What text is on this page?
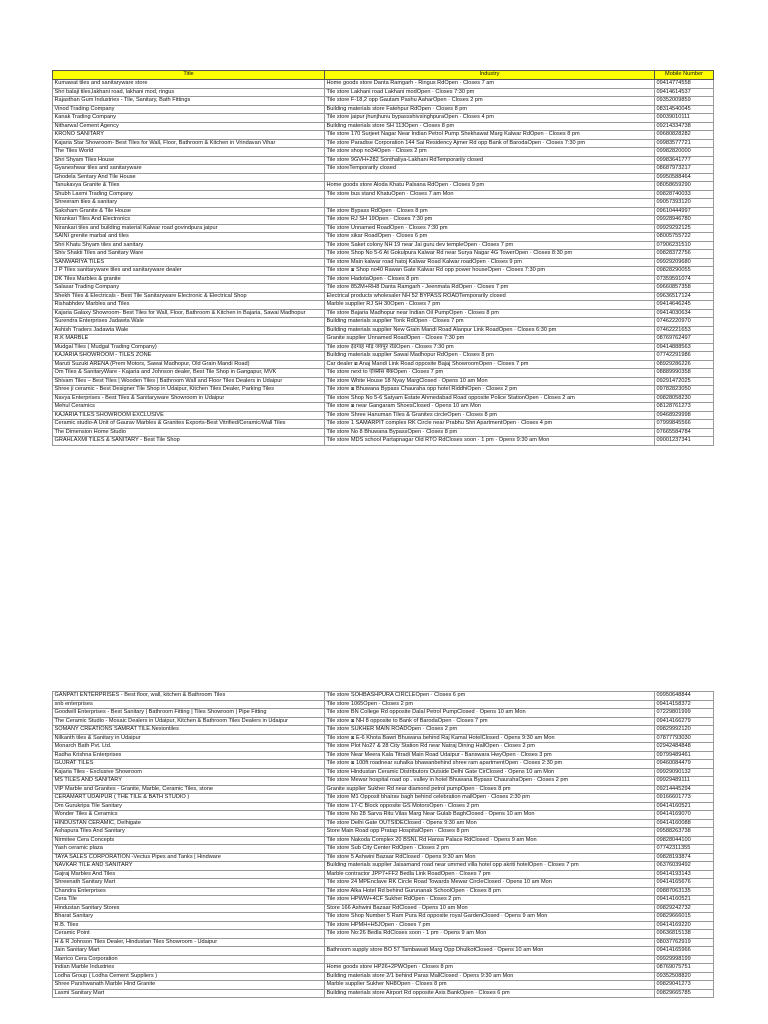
Title	Industry	Mobile Number
Kumawat tiles and sanitaryware store	Home goods store Danta Ramgarh - Ringus RdOpen · Closes 7 am	09414774558
Shri balaji tiles,lakhani road, lakhani mod, ringus	Tile store Lakhani road Lakhani modOpen · Closes 7:30 pm	09414614537
Rajasthan Gum Industries - Tile, Sanitary, Bath Fittings	Tile store F-18,2 opp Gautam Pashu AaharOpen · Closes 2 pm	09352009859
Vinod Trading Company	Building materials store Fatehpur RdOpen · Closes 8 pm	08314540045
Kanak Trading Company	Tile store jaipur jhunjhunu bypassshivsinghpuraOpen · Closes 4 pm	09039010111
Nitharwal Cement Agency	Building materials store SH 113Open · Closes 8 pm	09214334738
KRONO SANITARY	Tile store 170 Surjeet Nagar Near Indian Petrol Pump Shekhawat Marg Kalwar RdOpen · Closes 8 pm	09680828282
Kajaria Star Showroom- Best Tiles for Wall, Floor, Bathroom & Kitchen in Vrindavan Vihar	Tile store Paradise Corporation 144 Sai Residency Ajmer Rd opp Bank of BarodaOpen · Closes 7:30 pm	09983577721
The Tiles World	Tile store shop no34Open · Closes 2 pm	09982820000
Shri Shyam Tiles House	Tile store 9GVH+282 Sonthaliya-Lakhani RdTemporarily closed	09983641777
Gyaneshwar tiles and sanitaryware	Tile storeTemporarily closed	08687973217
Ghodela Sentary And Tile House		09950588464
Tanukavya Granite & Tiles	Home goods store Aloda Khatu Palsana RdOpen · Closes 9 pm	08058659290
Shubh Laxmi Trading Company	Tile store bus stand KhatuOpen · Closes 7 am Mon	09828740033
Shreeram tiles & sanitary		09057393120
Saksham Granite & Tile House	Tile store Bypass RdOpen · Closes 8 pm	09610444997
Nirankari Tiles And Electronics	Tile store RJ SH 19Open · Closes 7:30 pm	09928946780
Nirankari tiles and building material Kalwar road govindpura jaipur	Tile store Unnamed RoadOpen · Closes 7:30 pm	09929292125
SAINI grenite marbal and tiles	Tile store sikar RoadOpen · Closes 6 pm	08005755722
Shri Khatu Shyam tiles and sanitary	Tile store Saket colony NH 19 near Jai guru dev templeOpen · Closes 7 pm	07906231510
Shiv Shakti Tiles and Sanitary Ware	Tile store Shop No 5-6 At Gokulpura Kalwar Rd near Surya Nagar 4G TowerOpen · Closes 8:30 pm	09828372756
SANWARIYA TILES	Tile store Main kalwar road hatoj Kalwar Road Kalwar roadOpen · Closes 9 pm	09929209680
J P Tiles sanitaryware tiles and sanitaryware dealer	Tile store ⧆ Shop no40 Rawan Gate Kalwar Rd opp power houseOpen · Closes 7:30 pm	09828290055
DK Tiles Marbles & granite	Tile store HadotaOpen · Closes 8 pm	07359591074
Salasar Trading Company	Tile store 852M+RH8 Danta Ramgarh - Jeenmata RdOpen · Closes 7 pm	09660857358
Shekh Tiles & Electricals - Best Tile Sanitaryware Electronic & Electrical Shop	Electrical products wholesaler NH 52 BYPASS ROADTemporarily closed	09636517124
Rishabhdev Marbles and Tiles	Marble supplier RJ SH 30Open · Closes 7 pm	09414646245
Kajaria Galaxy Showroom- Best Tiles for Wall, Floor, Bathroom & Kitchen in Bajaria, Sawai Madhopur	Tile store Bajaria Madhopur near Indian Oil PumpOpen · Closes 8 pm	09414030634
Surendra Enterprises Jadawta Wale	Building materials supplier Tonk RdOpen · Closes 7 pm	07462220970
Ashish Traders Jadawta Wale	Building materials supplier New Grain Mandi Road Alanpur Link RoadOpen · Closes 6:30 pm	07462221653
R.K MARBLE	Granite supplier Unnamed RoadOpen · Closes 7:30 pm	08769762497
Mudgal Tiles ( Mudgal Trading Company)	Tile store ईदगाह मोड़ जयपुर रोडOpen · Closes 7:30 pm	09414888563
KAJARIA SHOWROOM - TILES ZONE	Building materials supplier Sawai Madhopur RdOpen · Closes 8 pm	07742291986
Maruti Suzuki ARENA (Prem Motors, Sawai Madhopur, Old Grain Mandi Road)	Car dealer ⧆ Anaj Mandi Link Road opposite Bajaj ShowroomOpen · Closes 7 pm	08929286226
Om Tiles & SanitaryWare - Kajaria and Johnson dealer, Best Tile Shop in Gangapur, MVK	Tile store next to एक्सिस बैंकOpen · Closes 7 pm	08889990358
Shivam Tiles – Best Tiles | Wooden Tiles | Bathroom Wall and Floor Tiles Dealers in Udaipur	Tile store White House 18 Nyay MargClosed · Opens 10 am Mon	09291472025
Shree ji ceramic - Best Designer Tile Shop in Udaipur, Kitchen Tiles Dealer, Parking Tiles	Tile store ⧆ Bhuwana Bypass Chauraha opp hotel RiddhiOpen · Closes 2 pm	09782823050
Navya Enterprises - Best Tiles & Sanitaryware Showroom in Udaipur	Tile store Shop No 5-6 Satyam Estate Ahmedabad Road opposite Police StationOpen · Closes 2 am	09828058230
Mehul Ceramics	Tile store ⧆ near Gangaram ShoesClosed · Opens 10 am Mon	08128761273
KAJARIA TILES SHOWROOM EXCLUSIVE	Tile store Shree Hanuman Tiles & Granites circleOpen · Closes 8 pm	09468929998
Ceramic studio-A Unit of Gaurav Marbles & Granites Exports-Best Vitrified/Ceramic/Wall Tiles	Tile store 1 SAMARPIT complex RK Circle near Prabhu Shri ApartmentOpen · Closes 4 pm	07999845566
The Dimension Home Studio	Tile store No 8 Bhuwana BypassOpen · Closes 8 pm	07665584784
GRAHLAXMI TILES & SANITARY - Best Tile Shop	Tile store MDS school Partapnagar Old RTO RdCloses soon · 1 pm · Opens 9:30 am Mon	09001237341
GANPATI ENTERPRISES - Best floor, wall, kitchen & Bathroom Tiles	Tile store SOHBASHPURA CIRCLEOpen · Closes 6 pm	09950648844
snb enterprises	Tile store 1065Open · Closes 2 pm	09414158372
Goodwill Enterprises - Best Sanitary | Bathroom Fitting | Tiles Showroom | Pipe Fitting	Tile store BN College Rd opposite Dalal Petrol PumpClosed · Opens 10 am Mon	07229801999
The Ceramic Studio - Mosaic Dealers in Udaipur, Kitchen & Bathroom Tiles Dealers in Udaipur	Tile store ⧆ NH 8 opposite to Bank of BarodaOpen · Closes 7 pm	09414166279
SOMANY CREATIONS SAMRAT TILE.Nexiontiles	Tile store SUKHER MAIN ROADOpen · Closes 2 pm	09829992120
Nilkanth tiles & Sanitary in Udaipur	Tile store ⧆ E-6 Khota Bawri Bhuwana behind Raj Kamal HotelClosed · Opens 9:30 am Mon	07877793030
Monarch Bath Pvt. Ltd.	Tile store Plot No27 & 28 City Station Rd near Natraj Dining HallOpen · Closes 2 pm	02942484848
Radha Krishna Enterprises	Tile store Near Meera Kala Titradi Main Road Udaipur - Banswara HwyOpen · Closes 3 pm	09799489461
GUJRAT TILES	Tile store ⧆ 100ft roadnear suhalka bhawanbehind shree ram apartmentOpen · Closes 2:30 pm	09460084479
Kajaria Tiles - Exclusive Showroom	Tile store Hindustan Ceramic Distributors Outside Delhi Gate CirClosed · Opens 10 am Mon	09929090132
MS TILES AND SANITARY	Tile store Mewar hospital road op . valley in hotel Bhuwana Bypass ChaurahaOpen · Closes 2 pm	09929489111
VIP Marble and Granites - Granite, Marble, Ceramic Tiles, stone	Granite supplier Sukher Rd near diamond petrol pumpOpen · Closes 8 pm	09214445294
CERAMART UDAIPUR ( THE TILE & BATH STUDIO )	Tile store M1 Opposit bhairav bagh behind celebration mallOpen · Closes 2:30 pm	09166601773
Om Gurukripa Tile Sanitary	Tile store 17-C Block opposite GS MotorsOpen · Closes 2 pm	09414160521
Wonder Tiles & Ceramics	Tile store No 28 Sarva Ritu Vilas Marg Near Gulab BaghClosed · Opens 10 am Mon	09414169070
HINDUSTAN CERAMIC, Delhigate	Tile store Delhi Gate OUTSIDEClosed · Opens 9:30 am Mon	09414160088
Ashapura Tiles And Sanitary	Store Main Road opp Pratap HospitalOpen · Closes 8 pm	09588263738
Nirmitee Cera Concepts	Tile store Nakoda Complex 20 BSNL Rd Hansa Palace RdClosed · Opens 9 am Mon	09828044100
Yash ceramic plaza	Tile store Sub City Center RdOpen · Closes 2 pm	07742311355
TAYA SALES CORPORATION -Vectus Pipes and Tanks | Hindware	Tile store 5 Ashwini Bazaar RdClosed · Opens 9:30 am Mon	09828193874
NAVKAR TILE AND SANITARY	Building materials supplier Jaisamand road near ummed villa hotel opp akriti hotelOpen · Closes 7 pm	06376039492
Gajraj Marbles And Tiles	Marble contractor JPP7+FF2 Bedla Link RoadOpen · Closes 7 pm	09414193143
Shreenath Sanitary Mart	Tile store 24 MPEnclave RK Circle Road Towards Mewar CircleClosed · Opens 10 am Mon	09414165676
Chandra Enterprises	Tile store Alka Hotel Rd behind Gurunanak SchoolOpen · Closes 8 pm	09887063135
Cera Tile	Tile store HPWW+4CF Sukher RdOpen · Closes 2 pm	09414160521
Hindustan Sanitary Stores	Store 166 Ashwini Bazaar RdClosed · Opens 10 am Mon	09829242732
Bharat Sanitary	Tile store Shop Number 5 Ram Pura Rd opposite royal GardenClosed · Opens 9 am Mon	09829666015
R.B. Tiles	Tile store HPMH+H5JOpen · Closes 7 pm	09414169220
Ceramic Point	Tile store No:26 Bedla RdCloses soon · 1 pm · Opens 9 am Mon	09636815138
H & R Johnson Tiles Dealer, Hindustan Tiles Showroom - Udaipur		08037762919
Jain Sanitary Mart	Bathroom supply store BO 57 Tambawati Marg Opp DhulkotClosed · Opens 10 am Mon	09414165966
Marrico Cera Corporation		09929998199
Indian Marble Industries	Home goods store HP26+2PWOpen · Closes 8 pm	08769075751
Lodha Group ( Lodha Cement Suppliers )	Building materials store 2/1 behind Paras MallClosed · Opens 9:30 am Mon	09352508820
Shree Parshwanath Marble Hind Granite	Marble supplier Sukher NH8Open · Closes 8 pm	09829041273
Laxmi Sanitary Mart	Building materials store Airport Rd opposite Axis BankOpen · Closes 6 pm	09829665785
